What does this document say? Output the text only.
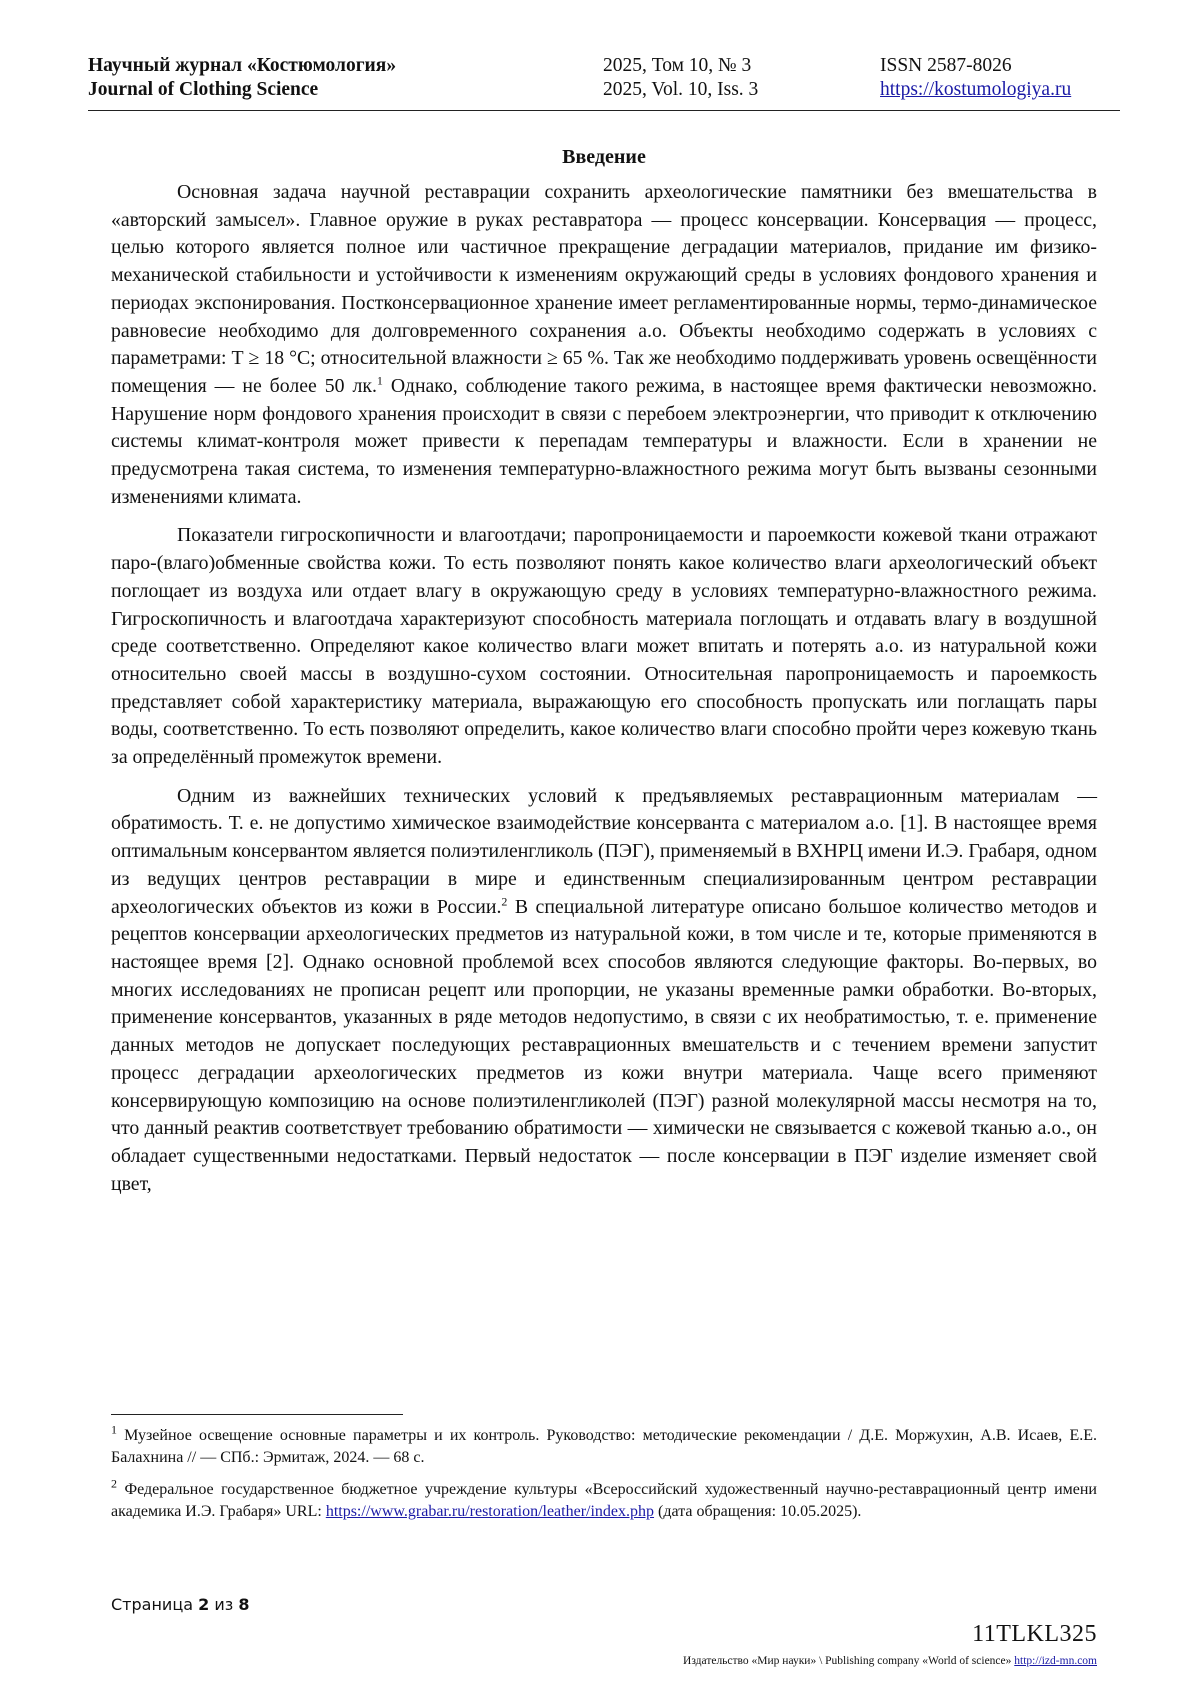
Научный журнал «Костюмология»
Journal of Clothing Science
2025, Том 10, № 3
2025, Vol. 10, Iss. 3
ISSN 2587-8026
https://kostumologiya.ru
Введение

Основная задача научной реставрации сохранить археологические памятники без вмешательства в «авторский замысел». Главное оружие в руках реставратора — процесс консервации. Консервация — процесс, целью которого является полное или частичное прекращение деградации материалов, придание им физико-механической стабильности и устойчивости к изменениям окружающий среды в условиях фондового хранения и периодах экспонирования. Постконсервационное хранение имеет регламентированные нормы, термо-динамическое равновесие необходимо для долговременного сохранения а.о. Объекты необходимо содержать в условиях с параметрами: Т ≥ 18 °С; относительной влажности ≥ 65 %. Так же необходимо поддерживать уровень освещённости помещения — не более 50 лк.$^1$ Однако, соблюдение такого режима, в настоящее время фактически невозможно. Нарушение норм фондового хранения происходит в связи с перебоем электроэнергии, что приводит к отключению системы климат-контроля может привести к перепадам температуры и влажности. Если в хранении не предусмотрена такая система, то изменения температурно-влажностного режима могут быть вызваны сезонными изменениями климата.

Показатели гигроскопичности и влагоотдачи; паропроницаемости и пароемкости кожевой ткани отражают паро-(влаго)обменные свойства кожи. То есть позволяют понять какое количество влаги археологический объект поглощает из воздуха или отдает влагу в окружающую среду в условиях температурно-влажностного режима. Гигроскопичность и влагоотдача характеризуют способность материала поглощать и отдавать влагу в воздушной среде соответственно. Определяют какое количество влаги может впитать и потерять а.о. из натуральной кожи относительно своей массы в воздушно-сухом состоянии. Относительная паропроницаемость и пароемкость представляет собой характеристику материала, выражающую его способность пропускать или поглащать пары воды, соответственно. То есть позволяют определить, какое количество влаги способно пройти через кожевую ткань за определённый промежуток времени.

Одним из важнейших технических условий к предъявляемых реставрационным материалам — обратимость. Т. е. не допустимо химическое взаимодействие консерванта с материалом а.о. [1]. В настоящее время оптимальным консервантом является полиэтиленгликоль (ПЭГ), применяемый в ВХНРЦ имени И.Э. Грабаря, одном из ведущих центров реставрации в мире и единственным специализированным центром реставрации археологических объектов из кожи в России.$^2$ В специальной литературе описано большое количество методов и рецептов консервации археологических предметов из натуральной кожи, в том числе и те, которые применяются в настоящее время [2]. Однако основной проблемой всех способов являются следующие факторы. Во-первых, во многих исследованиях не прописан рецепт или пропорции, не указаны временные рамки обработки. Во-вторых, применение консервантов, указанных в ряде методов недопустимо, в связи с их необратимостью, т. е. применение данных методов не допускает последующих реставрационных вмешательств и с течением времени запустит процесс деградации археологических предметов из кожи внутри материала. Чаще всего применяют консервирующую композицию на основе полиэтиленгликолей (ПЭГ) разной молекулярной массы несмотря на то, что данный реактив соответствует требованию обратимости — химически не связывается с кожевой тканью а.о., он обладает существенными недостатками. Первый недостаток — после консервации в ПЭГ изделие изменяет свой цвет,

$^1$ Музейное освещение основные параметры и их контроль. Руководство: методические рекомендации / Д.Е. Моржухин, А.В. Исаев, Е.Е. Балахнина // — СПб.: Эрмитаж, 2024. — 68 с.

$^2$ Федеральное государственное бюджетное учреждение культуры «Всероссийский художественный научно-реставрационный центр имени академика И.Э. Грабаря» URL: https://www.grabar.ru/restoration/leather/index.php (дата обращения: 10.05.2025).

Страница 2 из 8
11TLKL325
Издательство «Мир науки» \ Publishing company «World of science» http://izd-mn.com
